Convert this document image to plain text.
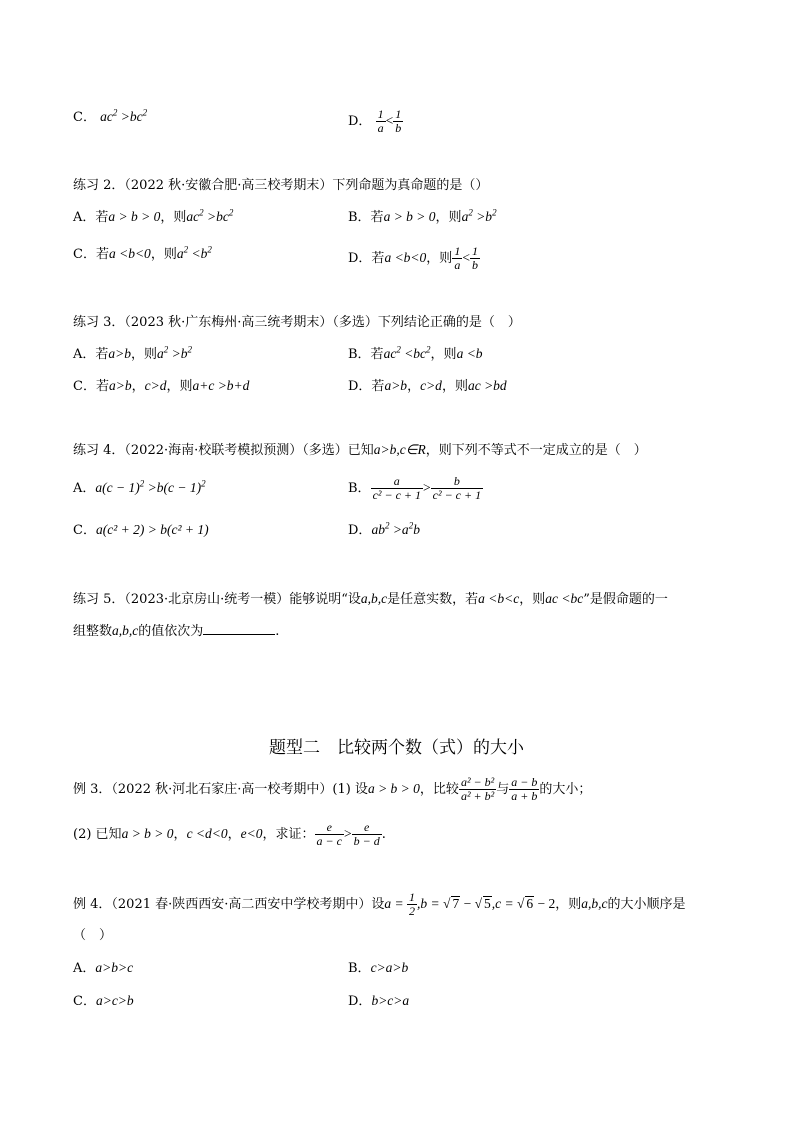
C． $ac^2 >bc^2$
D． $\frac{1}{a} < \frac{1}{b}$
练习 2．（2022 秋·安徽合肥·高三校考期末）下列命题为真命题的是（）
A．若a > b > 0，则$ac^2 >bc^2$	B．若a > b > 0，则$a^2 >b^2$
C．若a <b<0，则$a^2 <b^2$
D．若a <b<0，则 $\frac{1}{a} < \frac{1}{b}$
练习 3．（2023 秋·广东梅州·高三统考期末）（多选）下列结论正确的是（　）
A．若a>b，则$a^2 >b^2$	B．若$ac^2 <bc^2$，则a <b
C．若a>b，c>d，则a+c >b+d	D．若a>b，c>d，则ac >bd
练习 4．（2022·海南·校联考模拟预测）（多选）已知a>b,c∈R，则下列不等式不一定成立的是（　）
A．$a(c - 1)^2 >b(c - 1)^2$	B． $\frac{a}{\text{c² − c + 1}} > \frac{b}{\text{c² − c + 1}}$
C．a(c² + 2) > b(c² + 1)	D．$ab^2 >a^2b$
练习 5．（2023·北京房山·统考一模）能够说明“设a,b,c是任意实数，若a <b<c，则ac <bc”是假命题的一
组整数a,b,c的值依次为	.
题型二　比较两个数（式）的大小
例 3．（2022 秋·河北石家庄·高一校考期中）(1) 设a > b > 0，比较 $\frac{\text{a² − b²}}{\text{a² + b²}}$ 与 $\frac{a - b}{a + b}$ 的大小；
(2) 已知a > b > 0，c <d<0，e<0，求证： $\frac{e}{a - c} > \frac{e}{b - d}$ .
例 4．（2021 春·陕西西安·高二西安中学校考期中）设$a = \frac{1}{2} ,b$ = √ 7 − √ 5,c = √ 6 − 2，则a,b,c的大小顺序是
（　）
A．a>b>c	B．c>a>b
C．a>c>b	D．b>c>a
